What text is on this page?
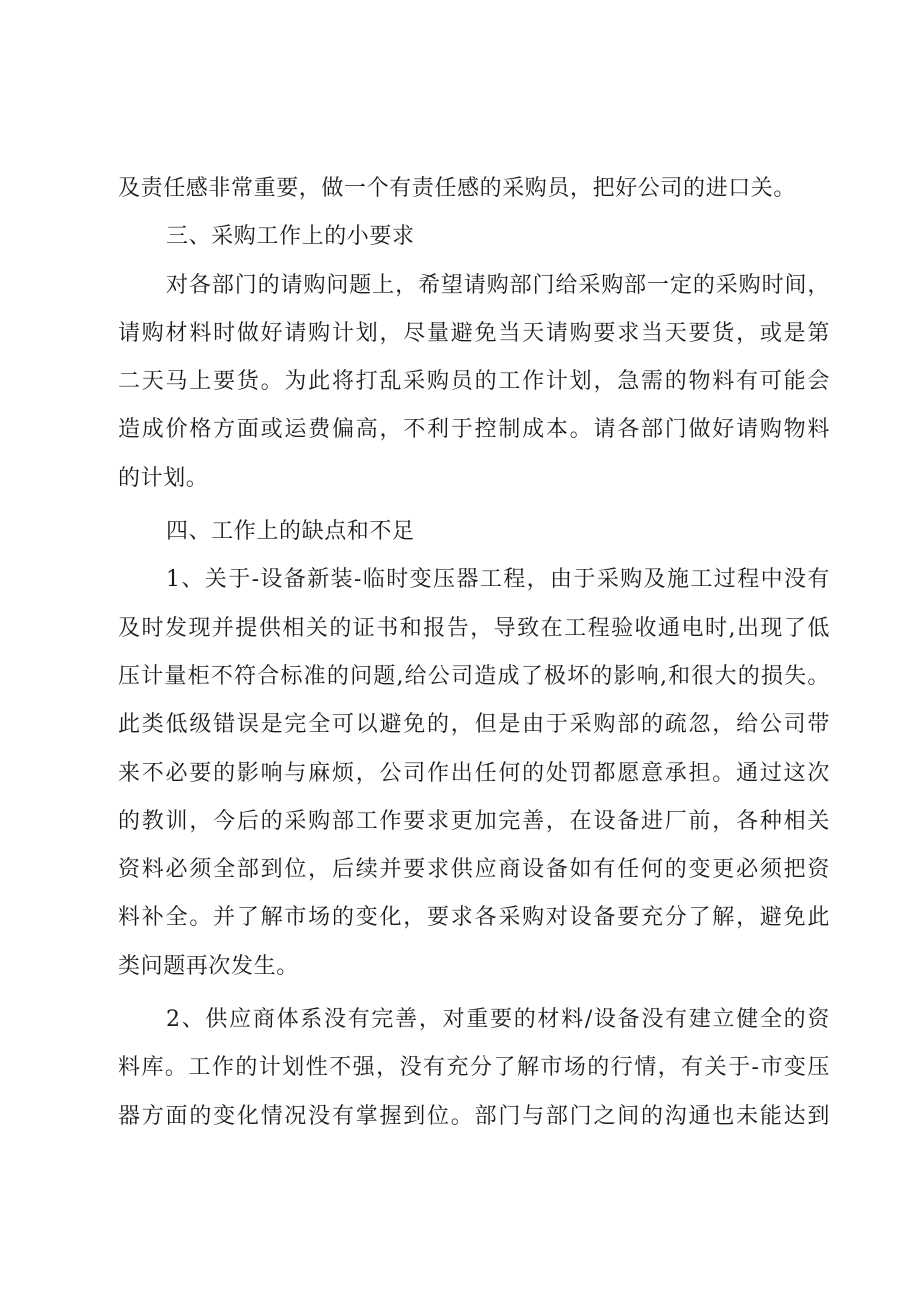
及责任感非常重要，做一个有责任感的采购员，把好公司的进口关。
三、采购工作上的小要求
对各部门的请购问题上，希望请购部门给采购部一定的采购时间，
请购材料时做好请购计划，尽量避免当天请购要求当天要货，或是第
二天马上要货。为此将打乱采购员的工作计划，急需的物料有可能会
造成价格方面或运费偏高，不利于控制成本。请各部门做好请购物料
的计划。
四、工作上的缺点和不足
1、关于-设备新装-临时变压器工程，由于采购及施工过程中没有
及时发现并提供相关的证书和报告，导致在工程验收通电时,出现了低
压计量柜不符合标准的问题,给公司造成了极坏的影响,和很大的损失。
此类低级错误是完全可以避免的，但是由于采购部的疏忽，给公司带
来不必要的影响与麻烦，公司作出任何的处罚都愿意承担。通过这次
的教训，今后的采购部工作要求更加完善，在设备进厂前，各种相关
资料必须全部到位，后续并要求供应商设备如有任何的变更必须把资
料补全。并了解市场的变化，要求各采购对设备要充分了解，避免此
类问题再次发生。
2、供应商体系没有完善，对重要的材料/设备没有建立健全的资
料库。工作的计划性不强，没有充分了解市场的行情，有关于-市变压
器方面的变化情况没有掌握到位。部门与部门之间的沟通也未能达到
